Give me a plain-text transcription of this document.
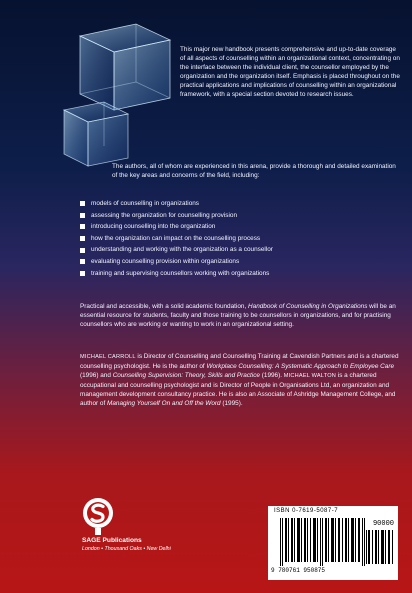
This major new handbook presents comprehensive and up-to-date coverage of all aspects of counselling within an organizational context, concentrating on the interface between the individual client, the counsellor employed by the organization and the organization itself. Emphasis is placed throughout on the practical applications and implications of counselling within an organizational framework, with a special section devoted to research issues.

The authors, all of whom are experienced in this arena, provide a thorough and detailed examination of the key areas and concerns of the field, including:

models of counselling in organizations
assessing the organization for counselling provision
introducing counselling into the organization
how the organization can impact on the counselling process
understanding and working with the organization as a counsellor
evaluating counselling provision within organizations
training and supervising counsellors working with organizations

Practical and accessible, with a solid academic foundation, Handbook of Counselling in Organizations will be an essential resource for students, faculty and those training to be counsellors in organizations, and for practising counsellors who are working or wanting to work in an organizational setting.

MICHAEL CARROLL is Director of Counselling and Counselling Training at Cavendish Partners and is a chartered counselling psychologist. He is the author of Workplace Counselling: A Systematic Approach to Employee Care (1996) and Counselling Supervision: Theory, Skills and Practice (1996). MICHAEL WALTON is a chartered occupational and counselling psychologist and is Director of People in Organisations Ltd, an organization and management development consultancy practice. He is also an Associate of Ashridge Management College, and author of Managing Yourself On and Off the Word (1995).

SAGE Publications
London • Thousand Oaks • New Delhi
ISBN 0-7619-5087-7
90000
9 780761 950875
